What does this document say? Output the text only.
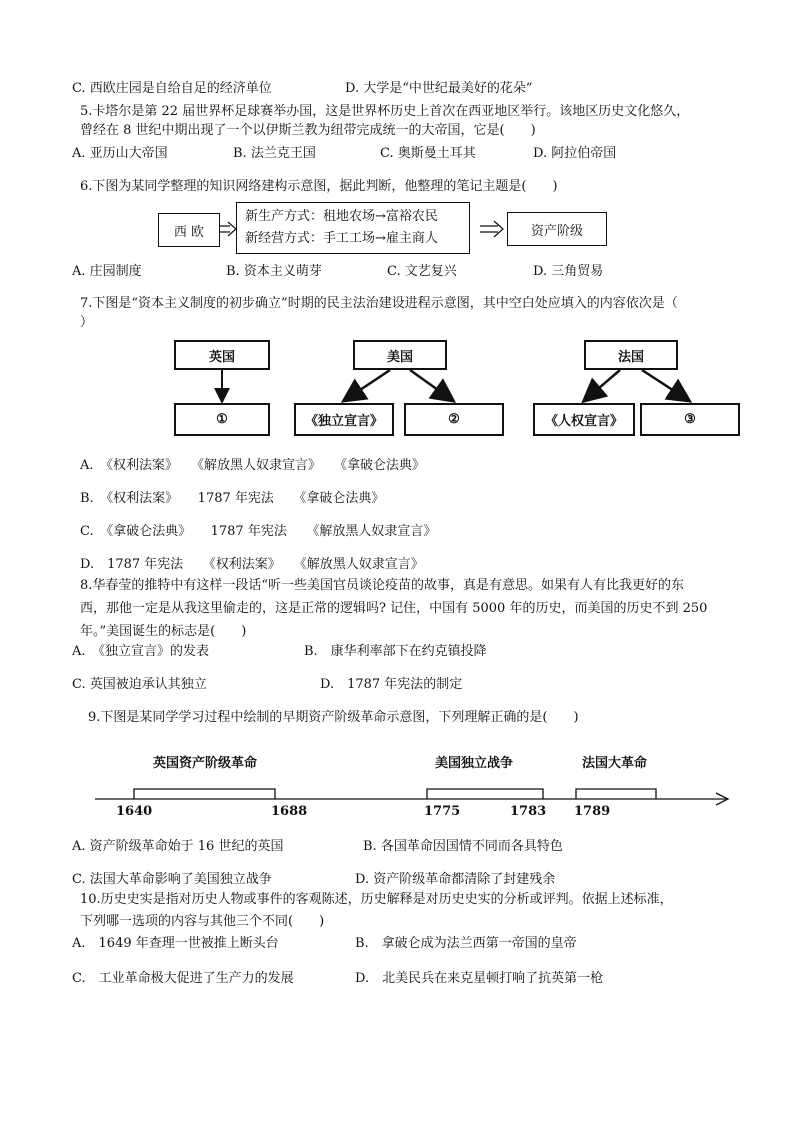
C. 西欧庄园是自给自足的经济单位	D. 大学是“中世纪最美好的花朵”
5.卡塔尔是第 22 届世界杯足球赛举办国，这是世界杯历史上首次在西亚地区举行。该地区历史文化悠久，
曾经在 8 世纪中期出现了一个以伊斯兰教为纽带完成统一的大帝国，它是(　　)
A. 亚历山大帝国	B. 法兰克王国	C. 奥斯曼土耳其	D. 阿拉伯帝国
6.下图为某同学整理的知识网络建构示意图，据此判断，他整理的笔记主题是(　　)
西 欧
新生产方式：租地农场→富裕农民
新经营方式：手工工场→雇主商人	资产阶级
A. 庄园制度	B. 资本主义萌芽	C. 文艺复兴	D. 三角贸易
7.下图是“资本主义制度的初步确立”时期的民主法治建设进程示意图，其中空白处应填入的内容依次是（
）
英国
①
美国
《独立宣言》	②
法国
《人权宣言》	③
A.　《权利法案》　　《解放黑人奴隶宣言》　　《拿破仑法典》
B.　《权利法案》　　1787 年宪法　　《拿破仑法典》
C.　《拿破仑法典》　　1787 年宪法　　《解放黑人奴隶宣言》
D.　1787 年宪法　　《权利法案》　　《解放黑人奴隶宣言》
8.华春莹的推特中有这样一段话“听一些美国官员谈论疫苗的故事，真是有意思。如果有人有比我更好的东
西，那他一定是从我这里偷走的，这是正常的逻辑吗? 记住，中国有 5000 年的历史，而美国的历史不到 250
年。”美国诞生的标志是(　　)
A.　《独立宣言》的发表	B.　康华利率部下在约克镇投降
C. 英国被迫承认其独立	D.　1787 年宪法的制定
9.下图是某同学学习过程中绘制的早期资产阶级革命示意图，下列理解正确的是(　　)
英国资产阶级革命	美国独立战争	法国大革命
1640	1688	1775	1783 1789
A. 资产阶级革命始于 16 世纪的英国	B. 各国革命因国情不同而各具特色
C. 法国大革命影响了美国独立战争	D. 资产阶级革命都清除了封建残余
10.历史史实是指对历史人物或事件的客观陈述，历史解释是对历史史实的分析或评判。依据上述标准，
下列哪一选项的内容与其他三个不同(　　)
A.　1649 年查理一世被推上断头台	B.　拿破仑成为法兰西第一帝国的皇帝
C.　工业革命极大促进了生产力的发展	D.　北美民兵在来克星顿打响了抗英第一枪
